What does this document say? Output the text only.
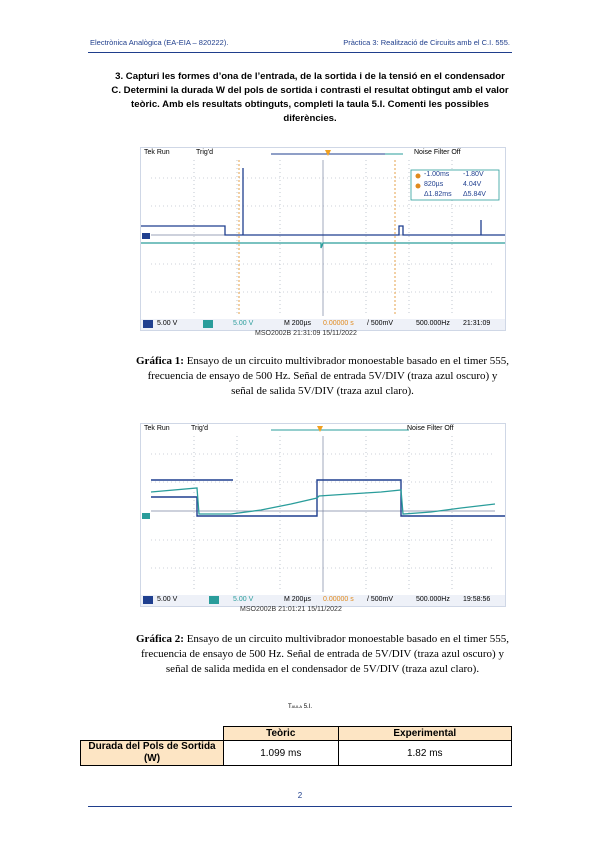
Electrònica Analògica (EA-EIA – 820222).	Pràctica 3: Realització de Circuits amb el C.I. 555.
3. Capturi les formes d’ona de l’entrada, de la sortida i de la tensió en el condensador C. Determini la durada W del pols de sortida i contrasti el resultat obtingut amb el valor teòric. Amb els resultats obtinguts, completi la taula 5.I. Comenti les possibles diferències.
Tek Run	Trig'd	Noise Filter Off
-1.00ms -1.80V
820µs	4.04V
Δ1.82ms Δ5.84V
5.00 V	5.00 V	M 200µs 0.00000 s / 500mV	500.000Hz 21:31:09
MSO2002B 21:31:09 15/11/2022
Gráfica 1: Ensayo de un circuito multivibrador monoestable basado en el timer 555, frecuencia de ensayo de 500 Hz. Señal de entrada 5V/DIV (traza azul oscuro) y señal de salida 5V/DIV (traza azul claro).
Tek Run	Trig'd	Noise Filter Off
5.00 V	5.00 V	M 200µs 0.00000 s / 500mV	500.000Hz 19:58:56
MSO2002B 21:01:21 15/11/2022
Gráfica 2: Ensayo de un circuito multivibrador monoestable basado en el timer 555, frecuencia de ensayo de 500 Hz. Señal de entrada de 5V/DIV (traza azul oscuro) y señal de salida medida en el condensador de 5V/DIV (traza azul claro).
Taula 5.I.
	Teòric	Experimental
Durada del Pols de Sortida (W)	1.099 ms	1.82 ms
2
